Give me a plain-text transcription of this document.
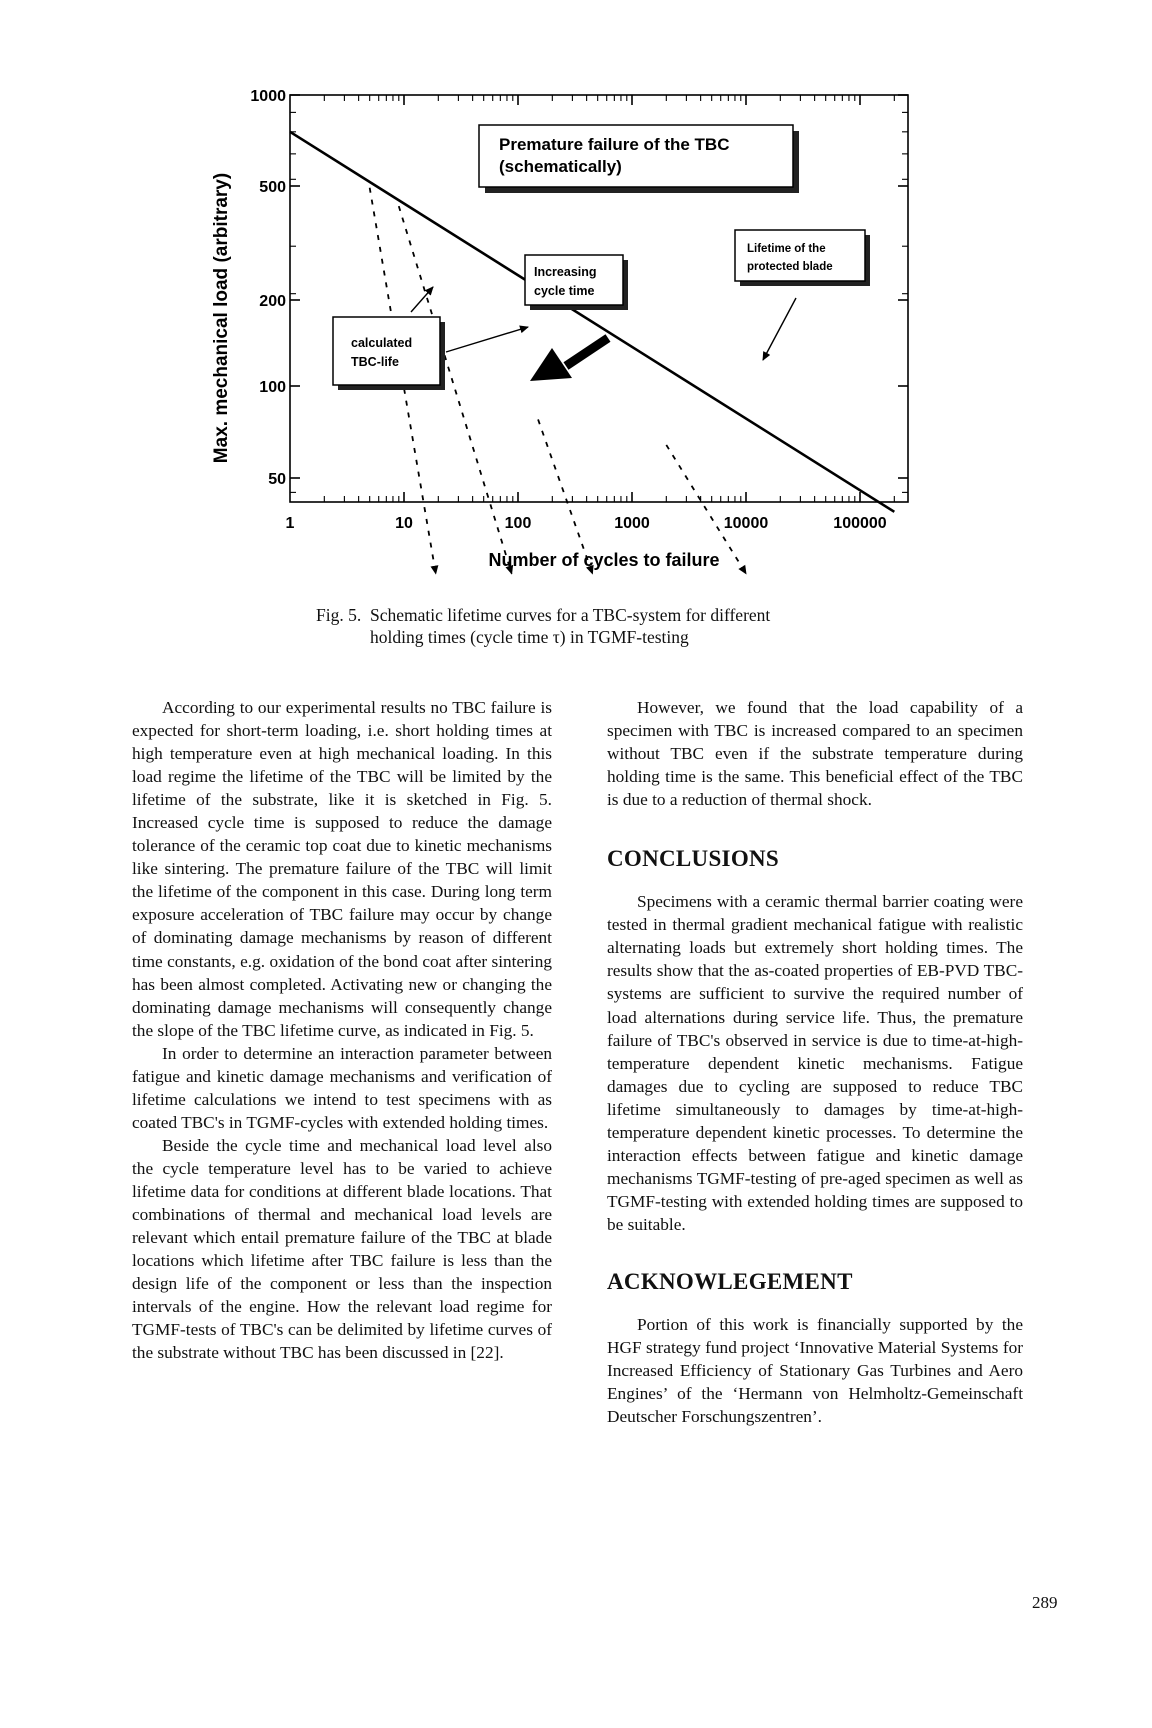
Max. mechanical load (arbitrary)
1000
500
200
100
50
1	10	100	1000	10000	100000
Number of cycles to failure
Premature failure of the TBC
(schematically)
Lifetime of the
protected blade
Increasing
cycle time
calculated
TBC-life
Fig. 5. Schematic lifetime curves for a TBC-system for different
holding times (cycle time τ) in TGMF-testing

According to our experimental results no TBC failure is expected for short-term loading, i.e. short holding times at high temperature even at high mechanical loading. In this load regime the lifetime of the TBC will be limited by the lifetime of the substrate, like it is sketched in Fig. 5. Increased cycle time is supposed to reduce the damage tolerance of the ceramic top coat due to kinetic mechanisms like sintering. The premature failure of the TBC will limit the lifetime of the component in this case. During long term exposure acceleration of TBC failure may occur by change of dominating damage mechanisms by reason of different time constants, e.g. oxidation of the bond coat after sintering has been almost completed. Activating new or changing the dominating damage mechanisms will consequently change the slope of the TBC lifetime curve, as indicated in Fig. 5.

In order to determine an interaction parameter between fatigue and kinetic damage mechanisms and verification of lifetime calculations we intend to test specimens with as coated TBC's in TGMF-cycles with extended holding times.

Beside the cycle time and mechanical load level also the cycle temperature level has to be varied to achieve lifetime data for conditions at different blade locations. That combinations of thermal and mechanical load levels are relevant which entail premature failure of the TBC at blade locations which lifetime after TBC failure is less than the design life of the component or less than the inspection intervals of the engine. How the relevant load regime for TGMF-tests of TBC's can be delimited by lifetime curves of the substrate without TBC has been discussed in [22].

However, we found that the load capability of a specimen with TBC is increased compared to an specimen without TBC even if the substrate temperature during holding time is the same. This beneficial effect of the TBC is due to a reduction of thermal shock.

CONCLUSIONS

Specimens with a ceramic thermal barrier coating were tested in thermal gradient mechanical fatigue with realistic alternating loads but extremely short holding times. The results show that the as-coated properties of EB-PVD TBC-systems are sufficient to survive the required number of load alternations during service life. Thus, the premature failure of TBC's observed in service is due to time-at-high-temperature dependent kinetic mechanisms. Fatigue damages due to cycling are supposed to reduce TBC lifetime simultaneously to damages by time-at-high-temperature dependent kinetic processes. To determine the interaction effects between fatigue and kinetic damage mechanisms TGMF-testing of pre-aged specimen as well as TGMF-testing with extended holding times are supposed to be suitable.

ACKNOWLEGEMENT

Portion of this work is financially supported by the HGF strategy fund project ‘Innovative Material Systems for Increased Efficiency of Stationary Gas Turbines and Aero Engines’ of the ‘Hermann von Helmholtz-Gemeinschaft Deutscher Forschungszentren’.

289
